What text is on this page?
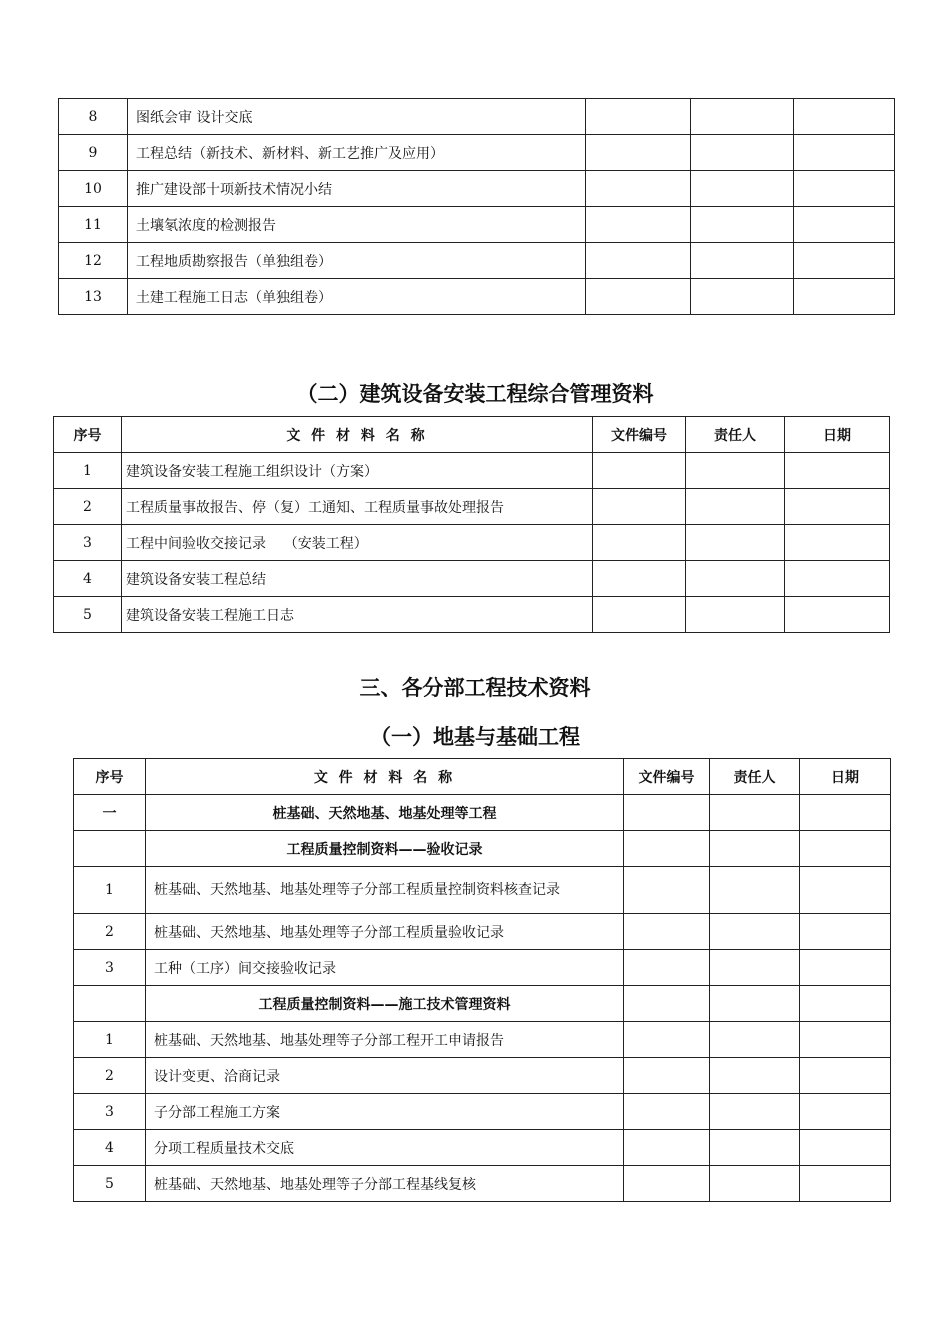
8	图纸会审 设计交底			
9	工程总结（新技术、新材料、新工艺推广及应用）			
10	推广建设部十项新技术情况小结			
11	土壤氡浓度的检测报告			
12	工程地质勘察报告（单独组卷）			
13	土建工程施工日志（单独组卷）			
（二）建筑设备安装工程综合管理资料
序号	文 件 材 料 名 称	文件编号	责任人	日期
1	建筑设备安装工程施工组织设计（方案）			
2	工程质量事故报告、停（复）工通知、工程质量事故处理报告			
3	工程中间验收交接记录    （安装工程）			
4	建筑设备安装工程总结			
5	建筑设备安装工程施工日志			
三、各分部工程技术资料
（一）地基与基础工程
序号	文 件 材 料 名 称	文件编号	责任人	日期
一	桩基础、天然地基、地基处理等工程			
	工程质量控制资料——验收记录			
1	桩基础、天然地基、地基处理等子分部工程质量控制资料核查记录			
2	桩基础、天然地基、地基处理等子分部工程质量验收记录			
3	工种（工序）间交接验收记录			
	工程质量控制资料——施工技术管理资料			
1	桩基础、天然地基、地基处理等子分部工程开工申请报告			
2	设计变更、洽商记录			
3	子分部工程施工方案			
4	分项工程质量技术交底			
5	桩基础、天然地基、地基处理等子分部工程基线复核			
